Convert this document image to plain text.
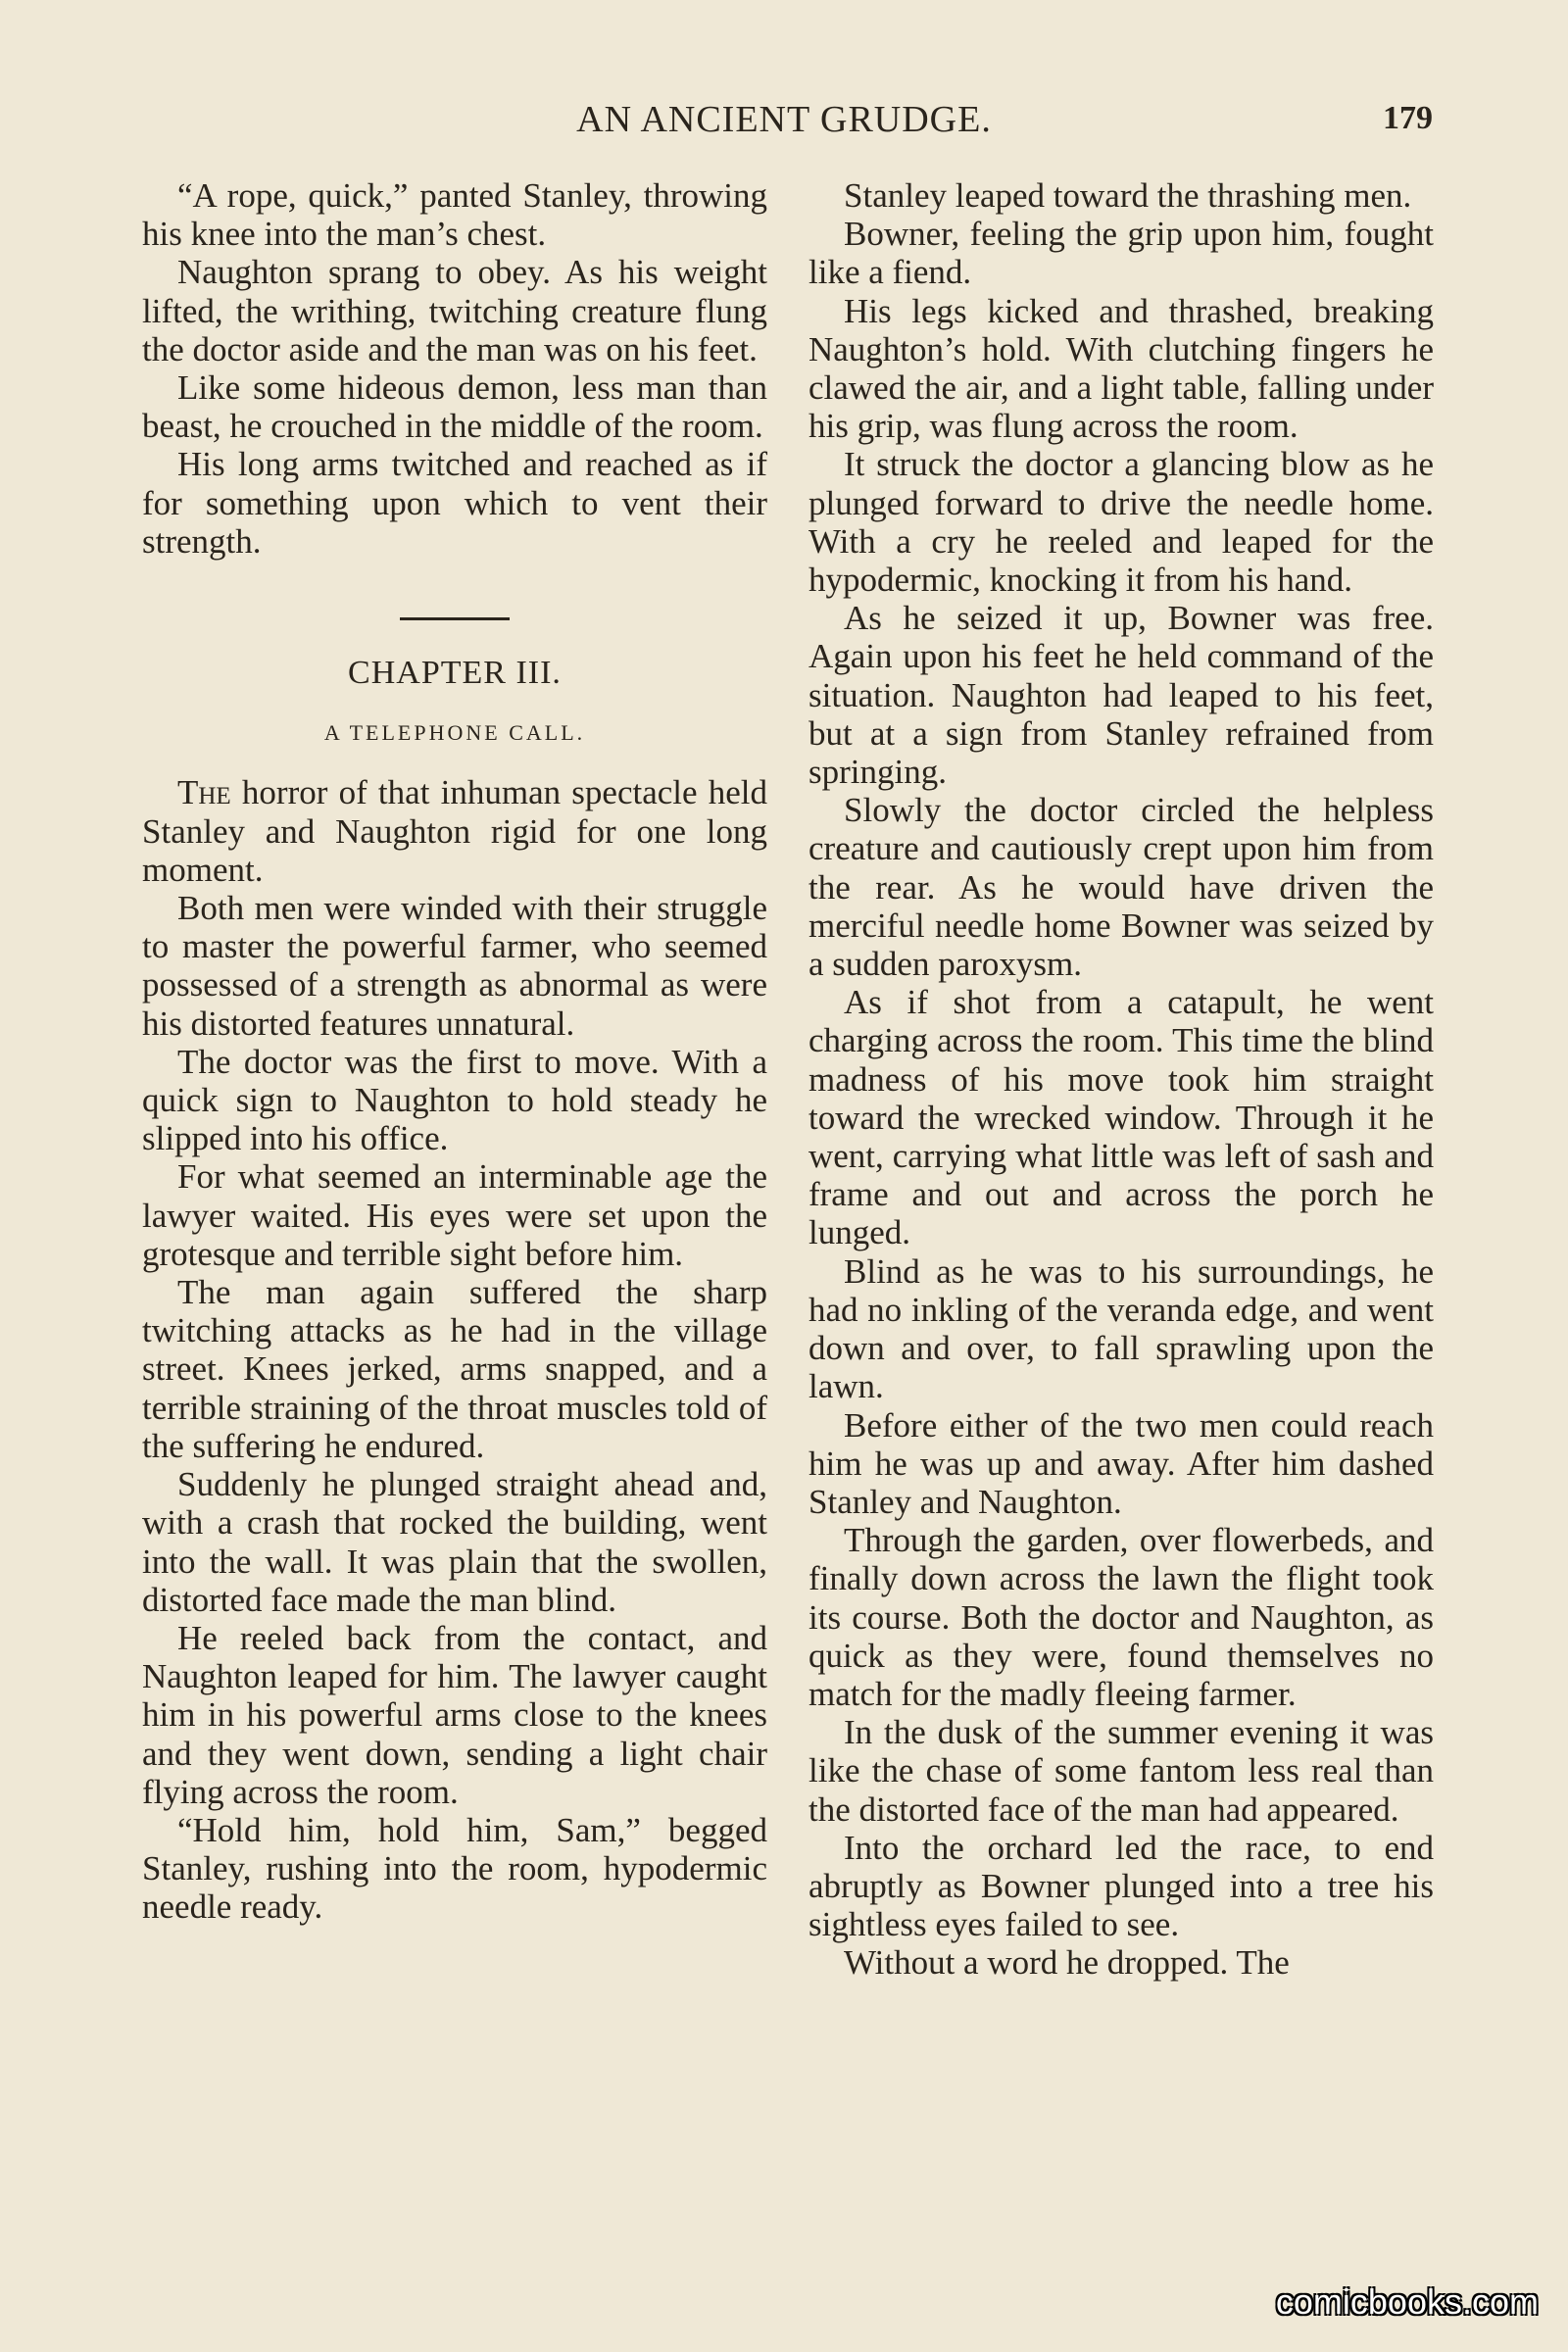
AN ANCIENT GRUDGE.	179

“A rope, quick,” panted Stanley, throwing his knee into the man’s chest.

Naughton sprang to obey. As his weight lifted, the writhing, twitching creature flung the doctor aside and the man was on his feet.

Like some hideous demon, less man than beast, he crouched in the middle of the room.

His long arms twitched and reached as if for something upon which to vent their strength.

CHAPTER III.

A TELEPHONE CALL.

The horror of that inhuman spectacle held Stanley and Naughton rigid for one long moment.

Both men were winded with their struggle to master the powerful farmer, who seemed possessed of a strength as abnormal as were his distorted features unnatural.

The doctor was the first to move. With a quick sign to Naughton to hold steady he slipped into his office.

For what seemed an interminable age the lawyer waited. His eyes were set upon the grotesque and terrible sight before him.

The man again suffered the sharp twitching attacks as he had in the village street. Knees jerked, arms snapped, and a terrible straining of the throat muscles told of the suffering he endured.

Suddenly he plunged straight ahead and, with a crash that rocked the building, went into the wall. It was plain that the swollen, distorted face made the man blind.

He reeled back from the contact, and Naughton leaped for him. The lawyer caught him in his powerful arms close to the knees and they went down, sending a light chair flying across the room.

“Hold him, hold him, Sam,” begged Stanley, rushing into the room, hypodermic needle ready.

Stanley leaped toward the thrashing men.

Bowner, feeling the grip upon him, fought like a fiend.

His legs kicked and thrashed, breaking Naughton’s hold. With clutching fingers he clawed the air, and a light table, falling under his grip, was flung across the room.

It struck the doctor a glancing blow as he plunged forward to drive the needle home. With a cry he reeled and leaped for the hypodermic, knocking it from his hand.

As he seized it up, Bowner was free. Again upon his feet he held command of the situation. Naughton had leaped to his feet, but at a sign from Stanley refrained from springing.

Slowly the doctor circled the helpless creature and cautiously crept upon him from the rear. As he would have driven the merciful needle home Bowner was seized by a sudden paroxysm.

As if shot from a catapult, he went charging across the room. This time the blind madness of his move took him straight toward the wrecked window. Through it he went, carrying what little was left of sash and frame and out and across the porch he lunged.

Blind as he was to his surroundings, he had no inkling of the veranda edge, and went down and over, to fall sprawling upon the lawn.

Before either of the two men could reach him he was up and away. After him dashed Stanley and Naughton.

Through the garden, over flowerbeds, and finally down across the lawn the flight took its course. Both the doctor and Naughton, as quick as they were, found themselves no match for the madly fleeing farmer.

In the dusk of the summer evening it was like the chase of some fantom less real than the distorted face of the man had appeared.

Into the orchard led the race, to end abruptly as Bowner plunged into a tree his sightless eyes failed to see.

Without a word he dropped. The

comicbooks.com
